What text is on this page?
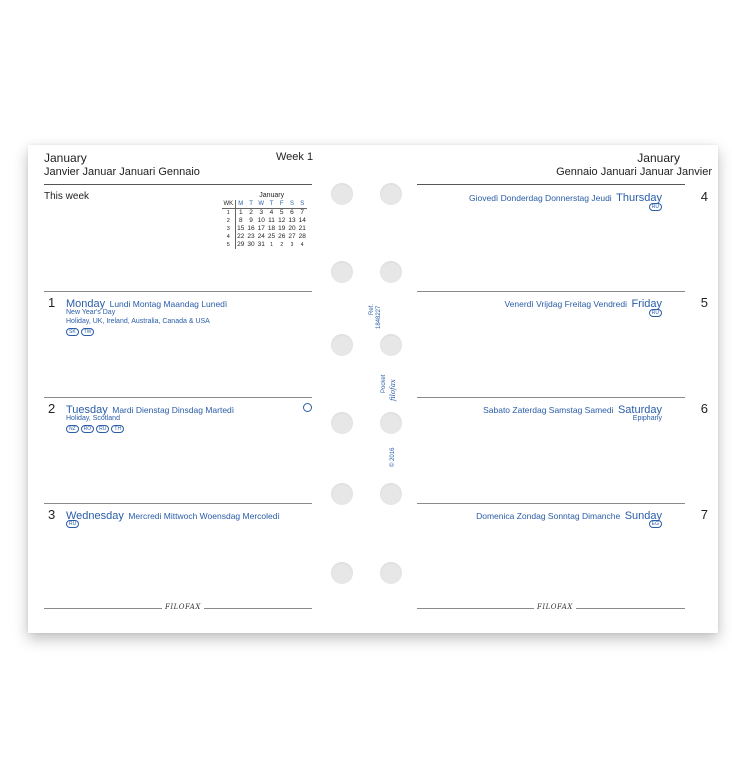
January
Janvier Januar Januari Gennaio
Week 1
This week	January
WK	M	T	W	T	F	S	S
1	1	2	3	4	5	6	7
2	8	9	10	11	12	13	14
3	15	16	17	18	19	20	21
4	22	23	24	25	26	27	28
5	29	30	31	1	2	3	4
1 Monday Lundi Montag Maandag Lunedì
New Year's Day
Holiday, UK, Ireland, Australia, Canada & USA
SK	TW
2 Tuesday Mardi Dienstag Dinsdag Martedì
Holiday, Scotland
NZ	RO	RU	TH
3 Wednesday Mercredi Mittwoch Woensdag Mercoledì
RU
FILOFAX
Ref. 1848227
Pocket filofax
© 2016
January
Gennaio Januari Januar Janvier
Giovedì Donderdag Donnerstag Jeudi Thursday	4
RU
Venerdì Vrijdag Freitag Vendredi Friday	5
RU
Sabato Zaterdag Samstag Samedi Saturday	6
Epiphany
Domenica Zondag Sonntag Dimanche Sunday	7
EG
FILOFAX
